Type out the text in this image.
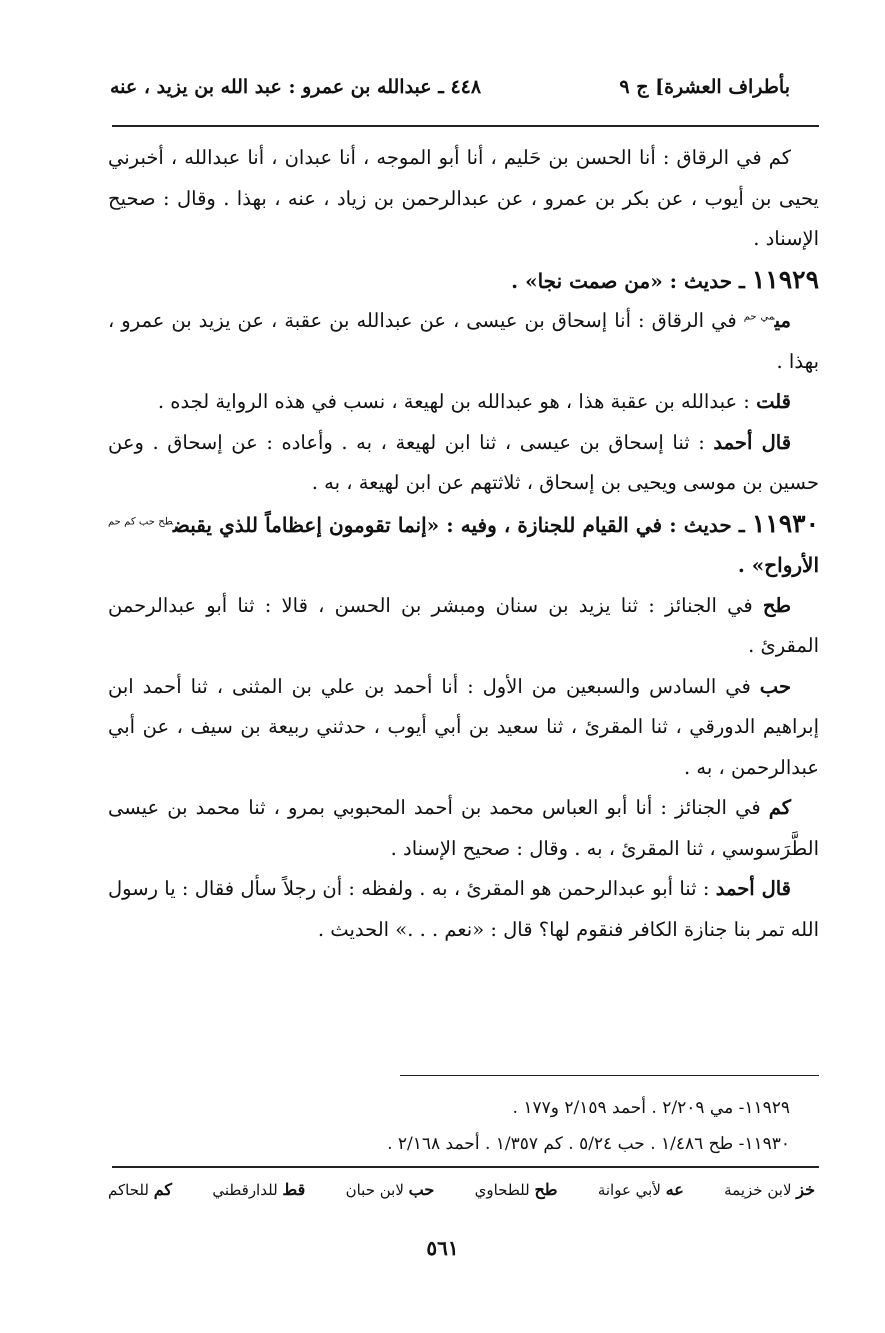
بأطراف العشرة] ج ٩
٤٤٨ ـ عبدالله بن عمرو : عبد الله بن يزيد ، عنه

كم في الرقاق : أنا الحسن بن حَليم ، أنا أبو الموجه ، أنا عبدان ، أنا عبدالله ، أخبرني يحيى بن أيوب ، عن بكر بن عمرو ، عن عبدالرحمن بن زياد ، عنه ، بهذا . وقال : صحيح الإسناد .

١١٩٢٩ ـ حديث : «من صمت نجا» .

مي$^{مي حم}$ في الرقاق : أنا إسحاق بن عيسى ، عن عبدالله بن عقبة ، عن يزيد بن عمرو ، بهذا .

قلت : عبدالله بن عقبة هذا ، هو عبدالله بن لهيعة ، نسب في هذه الرواية لجده .

قال أحمد : ثنا إسحاق بن عيسى ، ثنا ابن لهيعة ، به . وأعاده : عن إسحاق . وعن حسين بن موسى ويحيى بن إسحاق ، ثلاثتهم عن ابن لهيعة ، به .

١١٩٣٠ ـ حديث : في القيام للجنازة ، وفيه : «إنما تقومون إعظاماً للذي يقبض$^{طح حب كم حم}$ الأرواح» .

طح في الجنائز : ثنا يزيد بن سنان ومبشر بن الحسن ، قالا : ثنا أبو عبدالرحمن المقرئ .

حب في السادس والسبعين من الأول : أنا أحمد بن علي بن المثنى ، ثنا أحمد ابن إبراهيم الدورقي ، ثنا المقرئ ، ثنا سعيد بن أبي أيوب ، حدثني ربيعة بن سيف ، عن أبي عبدالرحمن ، به .

كم في الجنائز : أنا أبو العباس محمد بن أحمد المحبوبي بمرو ، ثنا محمد بن عيسى الطَّرَسوسي ، ثنا المقرئ ، به . وقال : صحيح الإسناد .

قال أحمد : ثنا أبو عبدالرحمن هو المقرئ ، به . ولفظه : أن رجلاً سأل فقال : يا رسول الله تمر بنا جنازة الكافر فنقوم لها؟ قال : «نعم . . .» الحديث .

١١٩٢٩- مي ٢/٢٠٩ . أحمد ٢/١٥٩ و١٧٧ .

١١٩٣٠- طح ١/٤٨٦ . حب ٥/٢٤ . كم ١/٣٥٧ . أحمد ٢/١٦٨ .

خز لابن خزيمة
عه لأبي عوانة
طح للطحاوي
حب لابن حبان
قط للدارقطني
كم للحاكم
٥٦١
